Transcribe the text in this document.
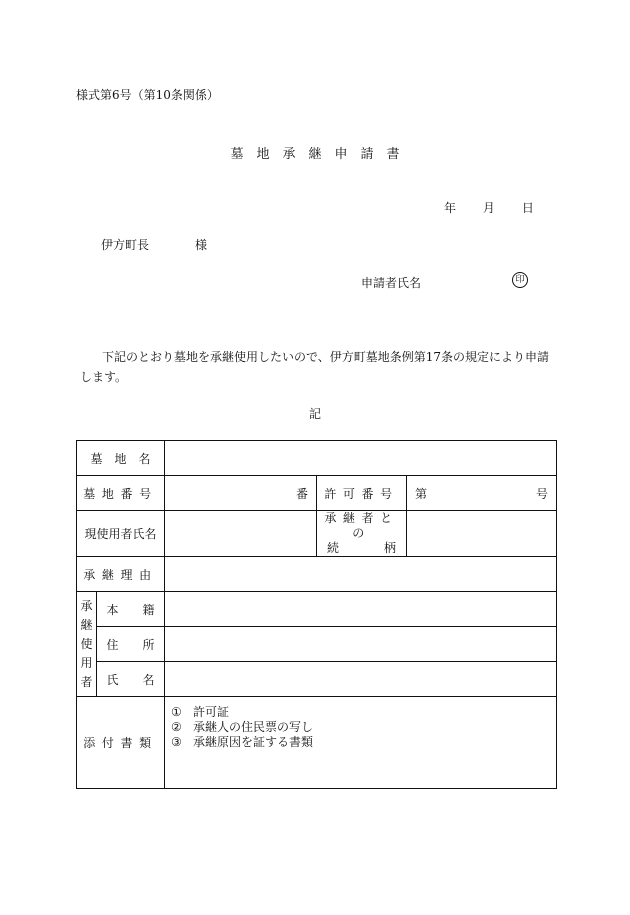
様式第6号（第10条関係）
墓　地　承　継　申　請　書
年 月 日
伊方町長	様
申請者氏名	印
下記のとおり墓地を承継使用したいので、伊方町墓地条例第17条の規定により申請します。
記
墓　地　名				
墓地番号		番	許可番号	第 号

現使用者氏名			承継者との
続 柄	

承継理由				

承
継
使
用
者	本　　籍			
	住　　所			
	氏　　名			
添付書類		① 許可証
② 承継人の住民票の写し
③ 承継原因を証する書類		
